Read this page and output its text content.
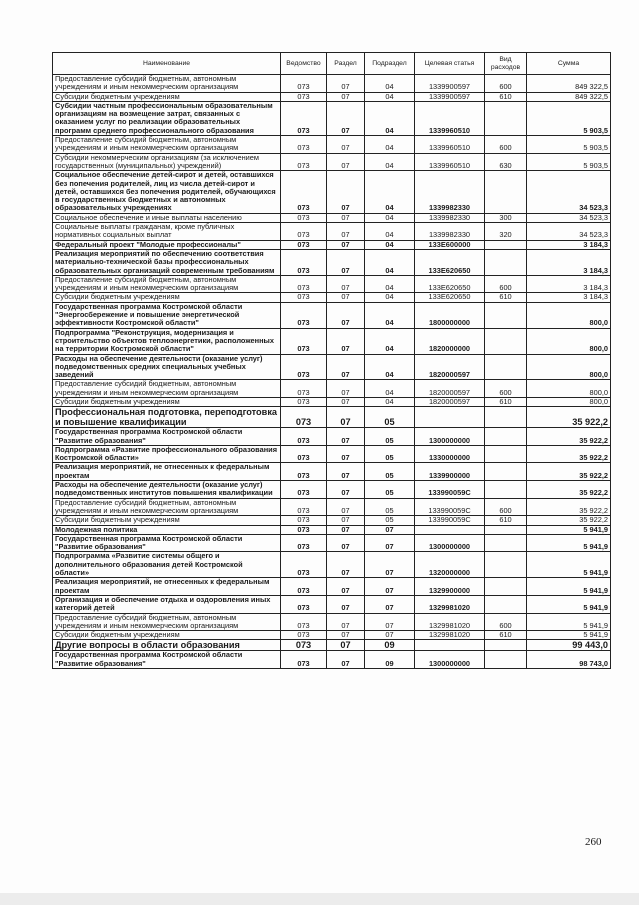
Наименование	Ведомство	Раздел	Подраздел	Целевая статья	Вид расходов	Сумма
Предоставление субсидий бюджетным, автономным учреждениям и иным некоммерческим организациям	073	07	04	1339900597	600	849 322,5
Субсидии бюджетным учреждениям	073	07	04	1339900597	610	849 322,5
Субсидии частным профессиональным образовательным организациям на возмещение затрат, связанных с оказанием услуг по реализации образовательных программ среднего профессионального образования	073	07	04	1339960510		5 903,5
Предоставление субсидий бюджетным, автономным учреждениям и иным некоммерческим организациям	073	07	04	1339960510	600	5 903,5
Субсидии некоммерческим организациям (за исключением государственных (муниципальных) учреждений)	073	07	04	1339960510	630	5 903,5
Социальное обеспечение детей-сирот и детей, оставшихся без попечения родителей, лиц из числа детей-сирот и детей, оставшихся без попечения родителей, обучающихся в государственных бюджетных и автономных образовательных учреждениях	073	07	04	1339982330		34 523,3
Социальное обеспечение и иные выплаты населению	073	07	04	1339982330	300	34 523,3
Социальные выплаты гражданам, кроме публичных нормативных социальных выплат	073	07	04	1339982330	320	34 523,3
Федеральный проект "Молодые профессионалы"	073	07	04	133E600000		3 184,3
Реализация мероприятий по обеспечению соответствия материально-технической базы профессиональных образовательных организаций современным требованиям	073	07	04	133E620650		3 184,3
Предоставление субсидий бюджетным, автономным учреждениям и иным некоммерческим организациям	073	07	04	133E620650	600	3 184,3
Субсидии бюджетным учреждениям	073	07	04	133E620650	610	3 184,3
Государственная программа Костромской области "Энергосбережение и повышение энергетической эффективности Костромской области"	073	07	04	1800000000		800,0
Подпрограмма "Реконструкция, модернизация и строительство объектов теплоэнергетики, расположенных на территории Костромской области"	073	07	04	1820000000		800,0
Расходы на обеспечение деятельности (оказание услуг) подведомственных средних специальных учебных заведений	073	07	04	1820000597		800,0
Предоставление субсидий бюджетным, автономным учреждениям и иным некоммерческим организациям	073	07	04	1820000597	600	800,0
Субсидии бюджетным учреждениям	073	07	04	1820000597	610	800,0
Профессиональная подготовка, переподготовка и повышение квалификации	073	07	05			35 922,2
Государственная программа Костромской области "Развитие образования"	073	07	05	1300000000		35 922,2
Подпрограмма «Развитие профессионального образования Костромской области»	073	07	05	1330000000		35 922,2
Реализация мероприятий, не отнесенных к федеральным проектам	073	07	05	1339900000		35 922,2
Расходы на обеспечение деятельности (оказание услуг) подведомственных институтов повышения квалификации	073	07	05	133990059C		35 922,2
Предоставление субсидий бюджетным, автономным учреждениям и иным некоммерческим организациям	073	07	05	133990059C	600	35 922,2
Субсидии бюджетным учреждениям	073	07	05	133990059C	610	35 922,2
Молодежная политика	073	07	07			5 941,9
Государственная программа Костромской области "Развитие образования"	073	07	07	1300000000		5 941,9
Подпрограмма «Развитие системы общего и дополнительного образования детей Костромской области»	073	07	07	1320000000		5 941,9
Реализация мероприятий, не отнесенных к федеральным проектам	073	07	07	1329900000		5 941,9
Организация и обеспечение отдыха и оздоровления иных категорий детей	073	07	07	1329981020		5 941,9
Предоставление субсидий бюджетным, автономным учреждениям и иным некоммерческим организациям	073	07	07	1329981020	600	5 941,9
Субсидии бюджетным учреждениям	073	07	07	1329981020	610	5 941,9
Другие вопросы в области образования	073	07	09			99 443,0
Государственная программа Костромской области "Развитие образования"	073	07	09	1300000000		98 743,0
260
